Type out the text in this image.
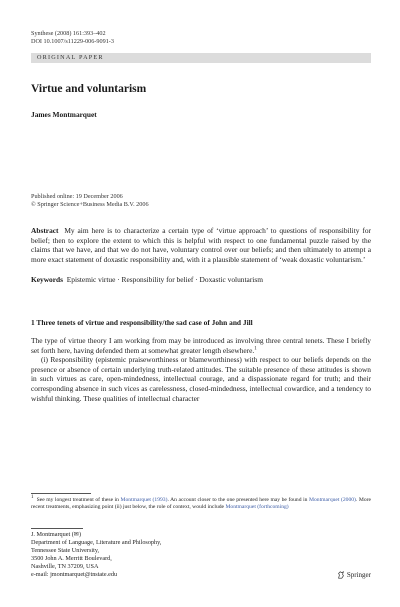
Synthese (2008) 161:393–402
DOI 10.1007/s11229-006-9091-3
ORIGINAL PAPER
Virtue and voluntarism
James Montmarquet
Published online: 19 December 2006
© Springer Science+Business Media B.V. 2006
Abstract My aim here is to characterize a certain type of ‘virtue approach’ to questions of responsibility for belief; then to explore the extent to which this is helpful with respect to one fundamental puzzle raised by the claims that we have, and that we do not have, voluntary control over our beliefs; and then ultimately to attempt a more exact statement of doxastic responsibility and, with it a plausible statement of ‘weak doxastic voluntarism.’
Keywords Epistemic virtue · Responsibility for belief · Doxastic voluntarism
1 Three tenets of virtue and responsibility/the sad case of John and Jill

The type of virtue theory I am working from may be introduced as involving three central tenets. These I briefly set forth here, having defended them at somewhat greater length elsewhere.$^1$

(i) Responsibility (epistemic praiseworthiness or blameworthiness) with respect to our beliefs depends on the presence or absence of certain underlying truth-related attitudes. The suitable presence of these attitudes is shown in such virtues as care, open-mindedness, intellectual courage, and a dispassionate regard for truth; and their corresponding absence in such vices as carelessness, closed-mindedness, intellectual cowardice, and a tendency to wishful thinking. These qualities of intellectual character

$^1$ See my longest treatment of these in Montmarquet (1993). An account closer to the one presented here may be found in Montmarquet (2000). More recent treatments, emphasizing point (ii) just below, the role of context, would include Montmarquet (forthcoming)
J. Montmarquet (✉)
Department of Language, Literature and Philosophy,
Tennessee State University,
3500 John A. Merritt Boulevard,
Nashville, TN 37209, USA
e-mail: jmontmarquet@tnstate.edu	Springer
